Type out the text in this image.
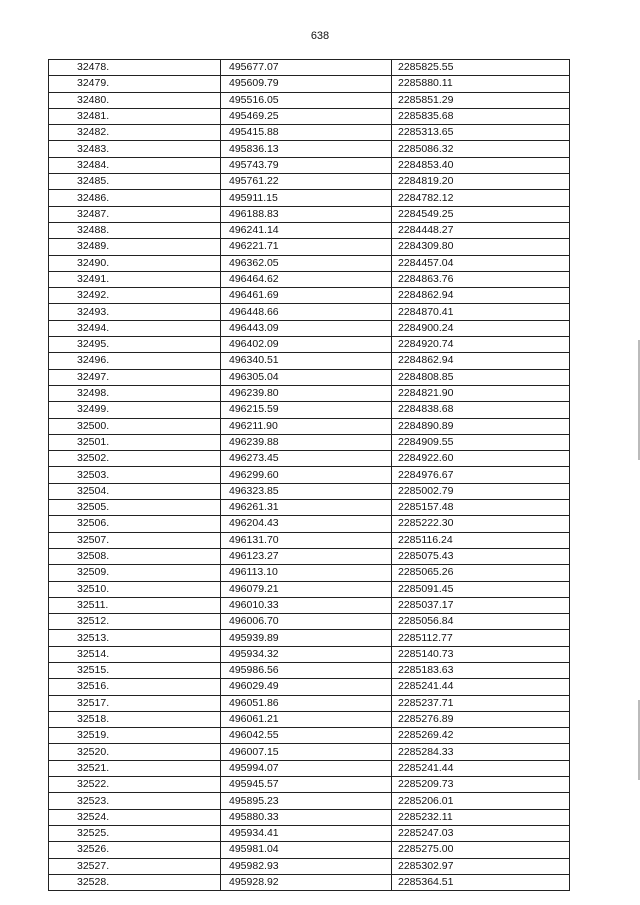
638
32478.	495677.07	2285825.55
32479.	495609.79	2285880.11
32480.	495516.05	2285851.29
32481.	495469.25	2285835.68
32482.	495415.88	2285313.65
32483.	495836.13	2285086.32
32484.	495743.79	2284853.40
32485.	495761.22	2284819.20
32486.	495911.15	2284782.12
32487.	496188.83	2284549.25
32488.	496241.14	2284448.27
32489.	496221.71	2284309.80
32490.	496362.05	2284457.04
32491.	496464.62	2284863.76
32492.	496461.69	2284862.94
32493.	496448.66	2284870.41
32494.	496443.09	2284900.24
32495.	496402.09	2284920.74
32496.	496340.51	2284862.94
32497.	496305.04	2284808.85
32498.	496239.80	2284821.90
32499.	496215.59	2284838.68
32500.	496211.90	2284890.89
32501.	496239.88	2284909.55
32502.	496273.45	2284922.60
32503.	496299.60	2284976.67
32504.	496323.85	2285002.79
32505.	496261.31	2285157.48
32506.	496204.43	2285222.30
32507.	496131.70	2285116.24
32508.	496123.27	2285075.43
32509.	496113.10	2285065.26
32510.	496079.21	2285091.45
32511.	496010.33	2285037.17
32512.	496006.70	2285056.84
32513.	495939.89	2285112.77
32514.	495934.32	2285140.73
32515.	495986.56	2285183.63
32516.	496029.49	2285241.44
32517.	496051.86	2285237.71
32518.	496061.21	2285276.89
32519.	496042.55	2285269.42
32520.	496007.15	2285284.33
32521.	495994.07	2285241.44
32522.	495945.57	2285209.73
32523.	495895.23	2285206.01
32524.	495880.33	2285232.11
32525.	495934.41	2285247.03
32526.	495981.04	2285275.00
32527.	495982.93	2285302.97
32528.	495928.92	2285364.51
